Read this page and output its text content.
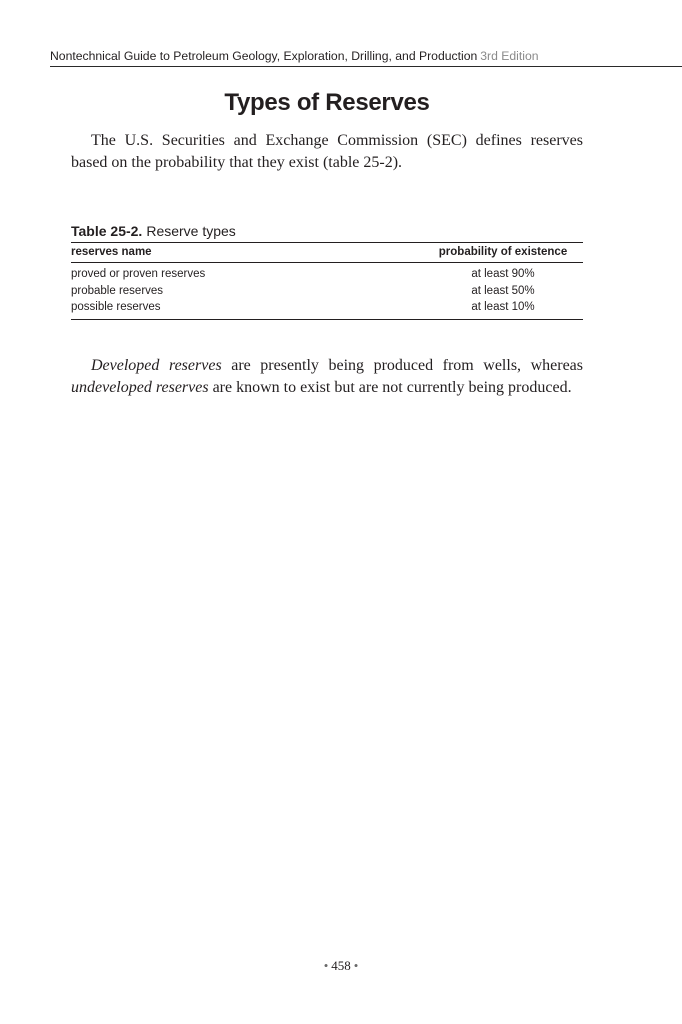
Nontechnical Guide to Petroleum Geology, Exploration, Drilling, and Production 3rd Edition
Types of Reserves

The U.S. Securities and Exchange Commission (SEC) defines reserves based on the probability that they exist (table 25-2).

Table 25-2. Reserve types

reserves name	probability of existence
proved or proven reserves	at least 90%
probable reserves	at least 50%
possible reserves	at least 10%

Developed reserves are presently being produced from wells, whereas undeveloped reserves are known to exist but are not currently being produced.

• 458 •
